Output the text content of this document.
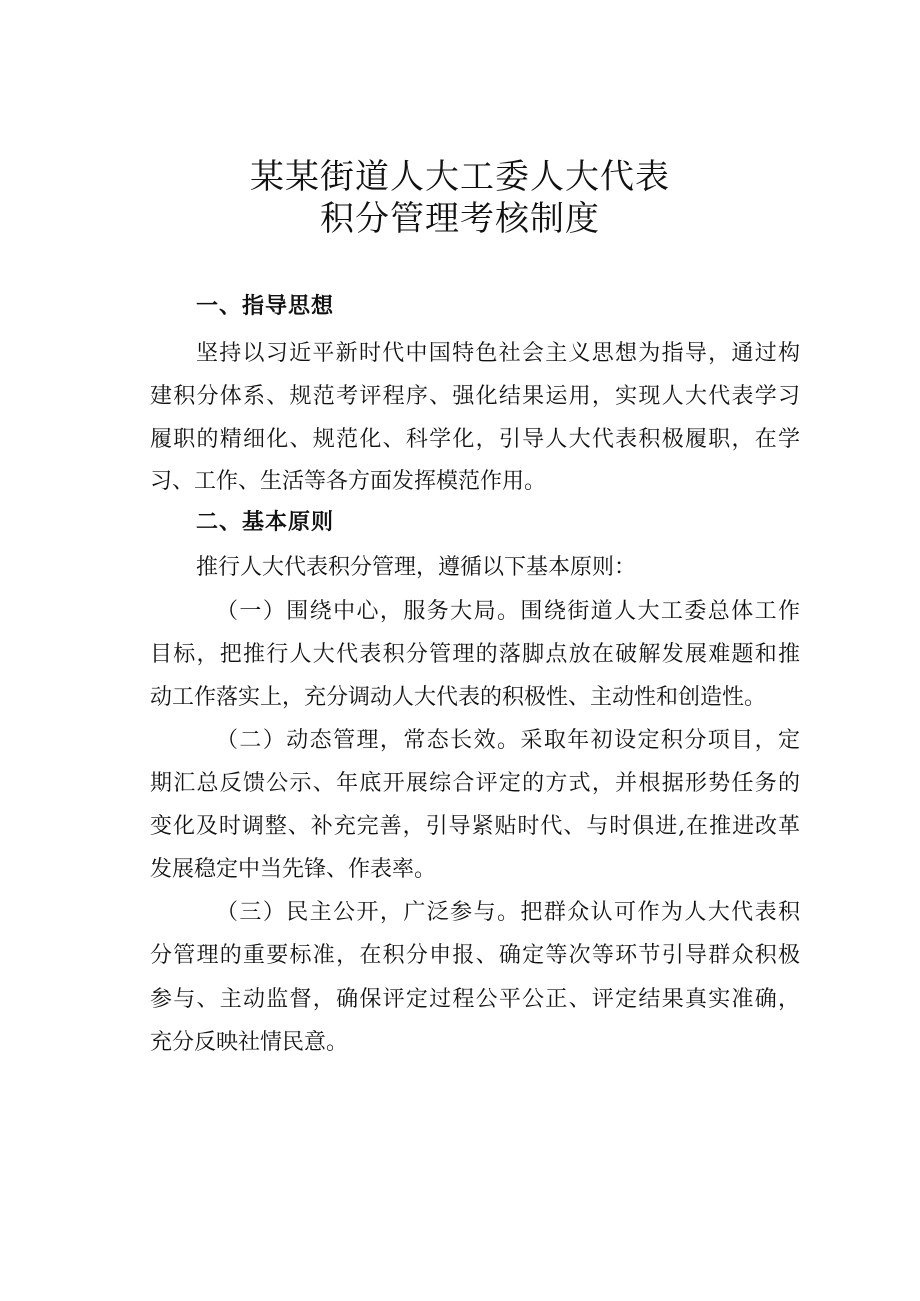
某某街道人大工委人大代表
积分管理考核制度
一、指导思想
坚持以习近平新时代中国特色社会主义思想为指导，通过构
建积分体系、规范考评程序、强化结果运用，实现人大代表学习
履职的精细化、规范化、科学化，引导人大代表积极履职，在学
习、工作、生活等各方面发挥模范作用。
二、基本原则
推行人大代表积分管理，遵循以下基本原则：
（一）围绕中心，服务大局。围绕街道人大工委总体工作
目标，把推行人大代表积分管理的落脚点放在破解发展难题和推
动工作落实上，充分调动人大代表的积极性、主动性和创造性。
（二）动态管理，常态长效。采取年初设定积分项目，定
期汇总反馈公示、年底开展综合评定的方式，并根据形势任务的
变化及时调整、补充完善，引导紧贴时代、与时俱进,在推进改革
发展稳定中当先锋、作表率。
（三）民主公开，广泛参与。把群众认可作为人大代表积
分管理的重要标准，在积分申报、确定等次等环节引导群众积极
参与、主动监督，确保评定过程公平公正、评定结果真实准确，
充分反映社情民意。
